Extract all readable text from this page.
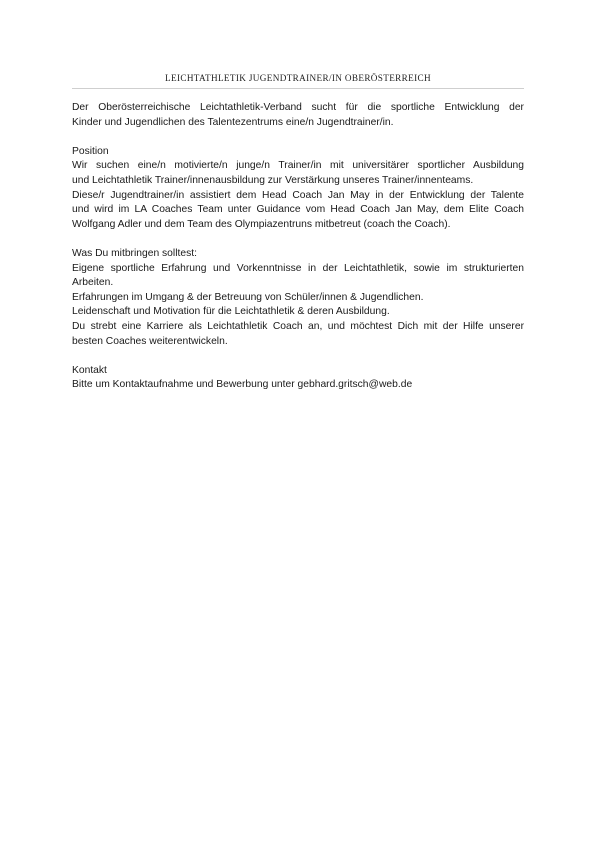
LEICHTATHLETIK JUGENDTRAINER/IN OBERÖSTERREICH
Der Oberösterreichische Leichtathletik-Verband sucht für die sportliche Entwicklung der
Kinder und Jugendlichen des Talentezentrums eine/n Jugendtrainer/in.
Position
Wir suchen eine/n motivierte/n junge/n Trainer/in mit universitärer sportlicher Ausbildung
und Leichtathletik Trainer/innenausbildung zur Verstärkung unseres Trainer/innenteams.
Diese/r Jugendtrainer/in assistiert dem Head Coach Jan May in der Entwicklung der Talente
und wird im LA Coaches Team unter Guidance vom Head Coach Jan May, dem Elite Coach
Wolfgang Adler und dem Team des Olympiazentruns mitbetreut (coach the Coach).
Was Du mitbringen solltest:
Eigene sportliche Erfahrung und Vorkenntnisse in der Leichtathletik, sowie im strukturierten
Arbeiten.
Erfahrungen im Umgang & der Betreuung von Schüler/innen & Jugendlichen.
Leidenschaft und Motivation für die Leichtathletik & deren Ausbildung.
Du strebt eine Karriere als Leichtathletik Coach an, und möchtest Dich mit der Hilfe unserer
besten Coaches weiterentwickeln.
Kontakt
Bitte um Kontaktaufnahme und Bewerbung unter gebhard.gritsch@web.de
